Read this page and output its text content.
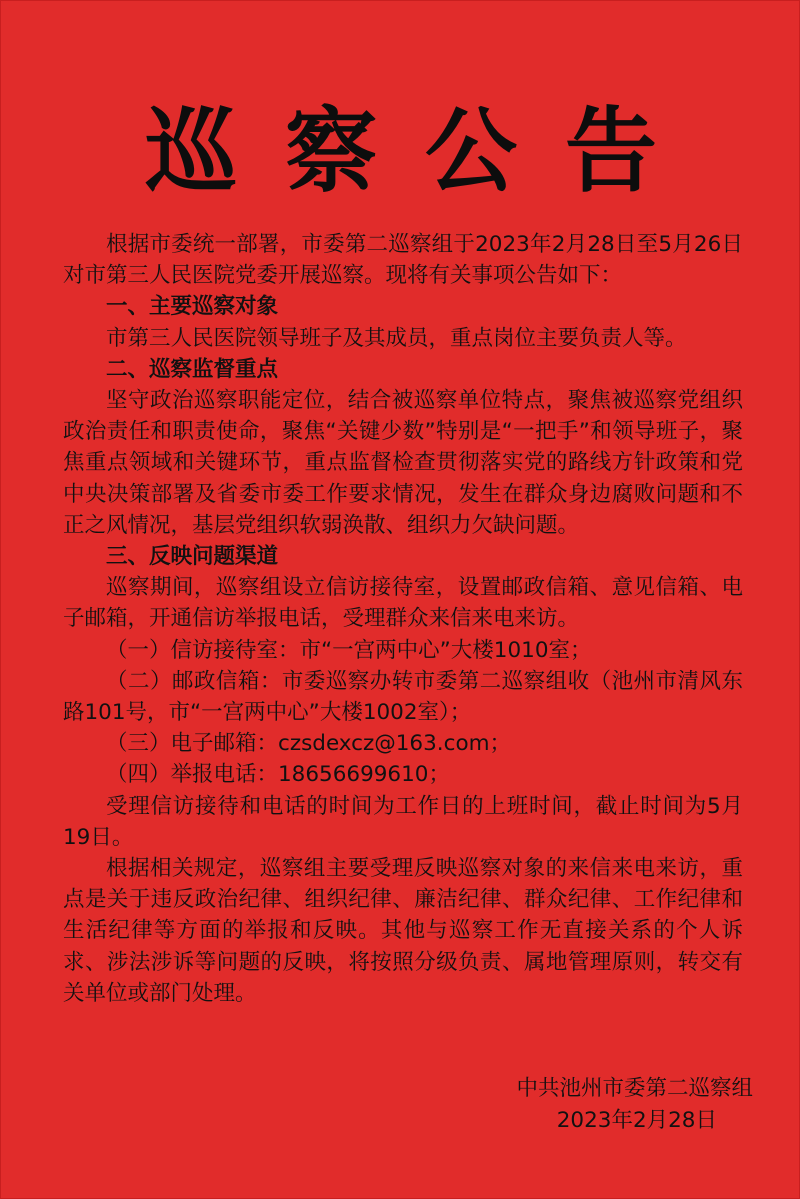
巡察公告

根据市委统一部署，市委第二巡察组于2023年2月28日至5月26日对市第三人民医院党委开展巡察。现将有关事项公告如下：

一、主要巡察对象

市第三人民医院领导班子及其成员，重点岗位主要负责人等。

二、巡察监督重点

坚守政治巡察职能定位，结合被巡察单位特点，聚焦被巡察党组织政治责任和职责使命，聚焦“关键少数”特别是“一把手”和领导班子，聚焦重点领域和关键环节，重点监督检查贯彻落实党的路线方针政策和党中央决策部署及省委市委工作要求情况，发生在群众身边腐败问题和不正之风情况，基层党组织软弱涣散、组织力欠缺问题。

三、反映问题渠道

巡察期间，巡察组设立信访接待室，设置邮政信箱、意见信箱、电子邮箱，开通信访举报电话，受理群众来信来电来访。

（一）信访接待室：市“一宫两中心”大楼1010室；

（二）邮政信箱：市委巡察办转市委第二巡察组收（池州市清风东路101号，市“一宫两中心”大楼1002室）；

（三）电子邮箱：czsdexcz@163.com；

（四）举报电话：18656699610；

受理信访接待和电话的时间为工作日的上班时间，截止时间为5月19日。

根据相关规定，巡察组主要受理反映巡察对象的来信来电来访，重点是关于违反政治纪律、组织纪律、廉洁纪律、群众纪律、工作纪律和生活纪律等方面的举报和反映。其他与巡察工作无直接关系的个人诉求、涉法涉诉等问题的反映，将按照分级负责、属地管理原则，转交有关单位或部门处理。

中共池州市委第二巡察组
2023年2月28日
